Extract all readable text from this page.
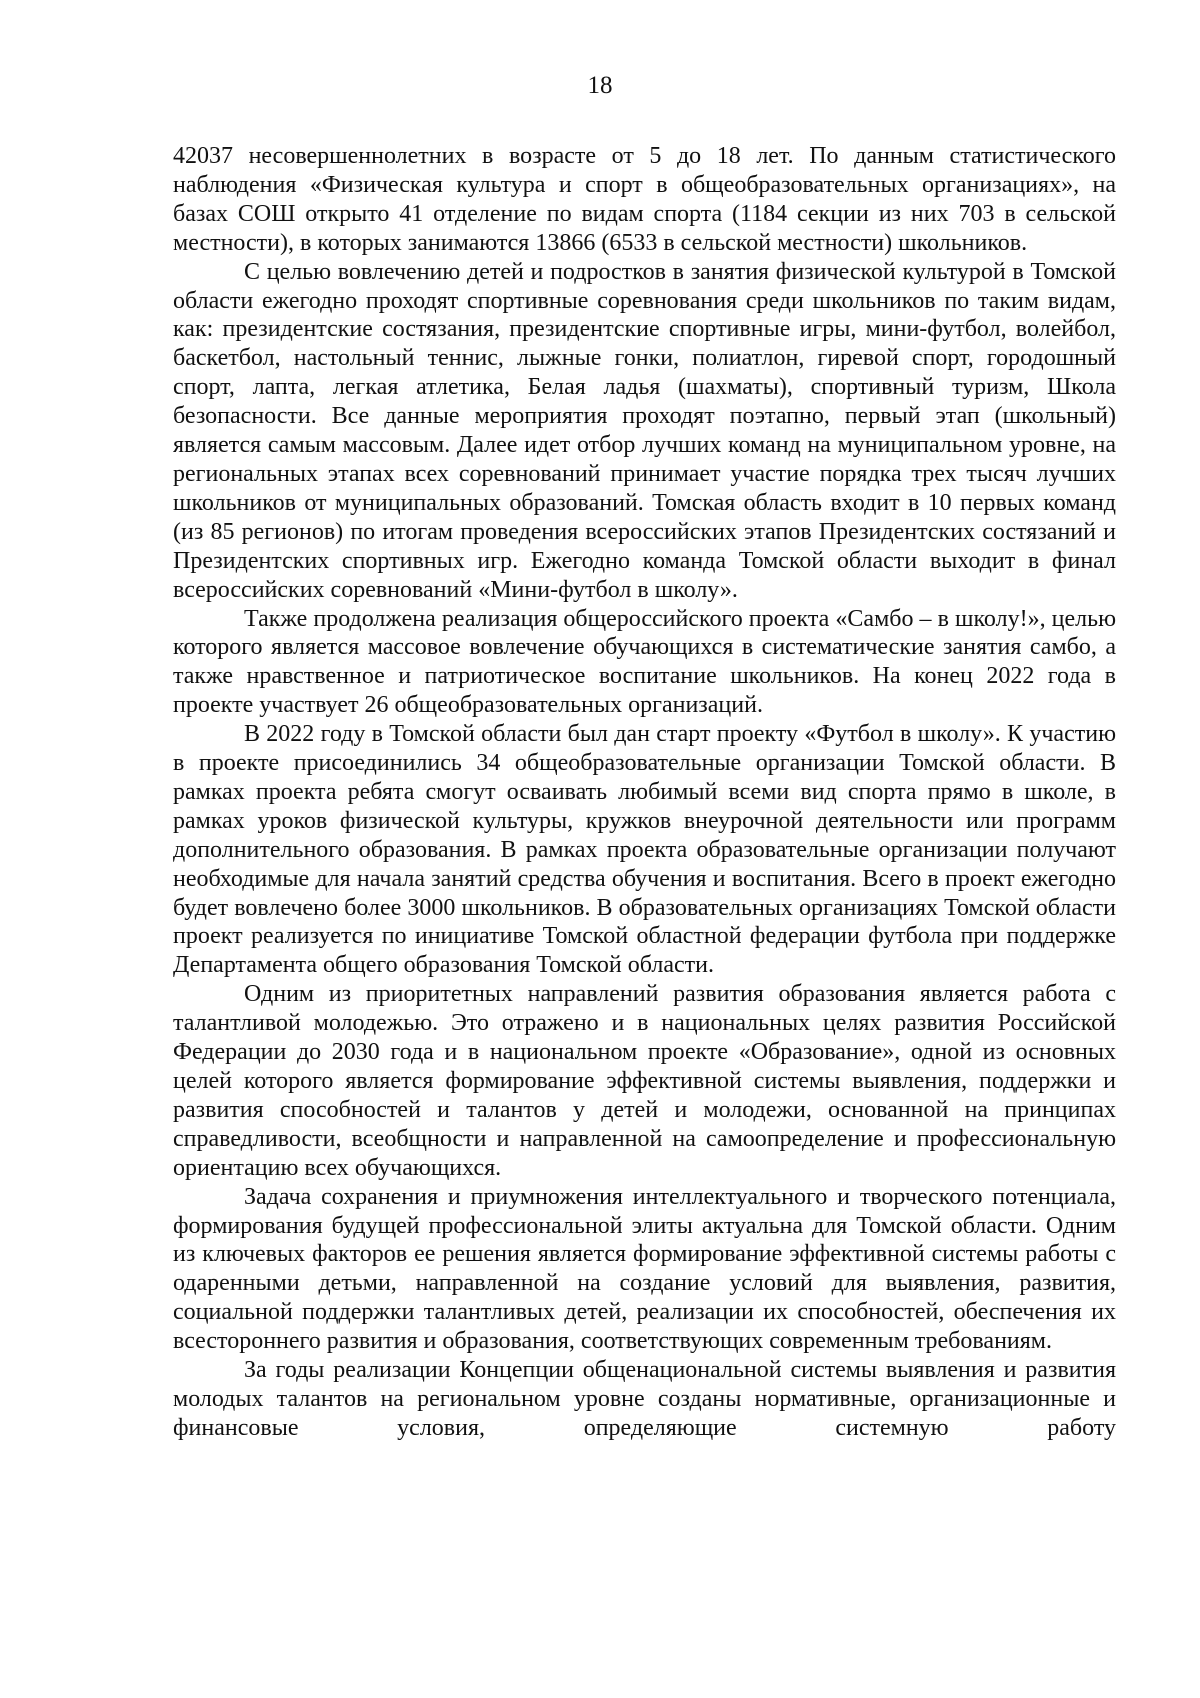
18

42037 несовершеннолетних в возрасте от 5 до 18 лет. По данным статистического наблюдения «Физическая культура и спорт в общеобразовательных организациях», на базах СОШ открыто 41 отделение по видам спорта (1184 секции из них 703 в сельской местности), в которых занимаются 13866 (6533 в сельской местности) школьников.

С целью вовлечению детей и подростков в занятия физической культурой в Томской области ежегодно проходят спортивные соревнования среди школьников по таким видам, как: президентские состязания, президентские спортивные игры, мини-футбол, волейбол, баскетбол, настольный теннис, лыжные гонки, полиатлон, гиревой спорт, городошный спорт, лапта, легкая атлетика, Белая ладья (шахматы), спортивный туризм, Школа безопасности. Все данные мероприятия проходят поэтапно, первый этап (школьный) является самым массовым. Далее идет отбор лучших команд на муниципальном уровне, на региональных этапах всех соревнований принимает участие порядка трех тысяч лучших школьников от муниципальных образований. Томская область входит в 10 первых команд (из 85 регионов) по итогам проведения всероссийских этапов Президентских состязаний и Президентских спортивных игр. Ежегодно команда Томской области выходит в финал всероссийских соревнований «Мини-футбол в школу».

Также продолжена реализация общероссийского проекта «Самбо – в школу!», целью которого является массовое вовлечение обучающихся в систематические занятия самбо, а также нравственное и патриотическое воспитание школьников. На конец 2022 года в проекте участвует 26 общеобразовательных организаций.

В 2022 году в Томской области был дан старт проекту «Футбол в школу». К участию в проекте присоединились 34 общеобразовательные организации Томской области. В рамках проекта ребята смогут осваивать любимый всеми вид спорта прямо в школе, в рамках уроков физической культуры, кружков внеурочной деятельности или программ дополнительного образования. В рамках проекта образовательные организации получают необходимые для начала занятий средства обучения и воспитания. Всего в проект ежегодно будет вовлечено более 3000 школьников. В образовательных организациях Томской области проект реализуется по инициативе Томской областной федерации футбола при поддержке Департамента общего образования Томской области.

Одним из приоритетных направлений развития образования является работа с талантливой молодежью. Это отражено и в национальных целях развития Российской Федерации до 2030 года и в национальном проекте «Образование», одной из основных целей которого является формирование эффективной системы выявления, поддержки и развития способностей и талантов у детей и молодежи, основанной на принципах справедливости, всеобщности и направленной на самоопределение и профессиональную ориентацию всех обучающихся.

Задача сохранения и приумножения интеллектуального и творческого потенциала, формирования будущей профессиональной элиты актуальна для Томской области. Одним из ключевых факторов ее решения является формирование эффективной системы работы с одаренными детьми, направленной на создание условий для выявления, развития, социальной поддержки талантливых детей, реализации их способностей, обеспечения их всестороннего развития и образования, соответствующих современным требованиям.

За годы реализации Концепции общенациональной системы выявления и развития молодых талантов на региональном уровне созданы нормативные, организационные и финансовые условия, определяющие системную работу
